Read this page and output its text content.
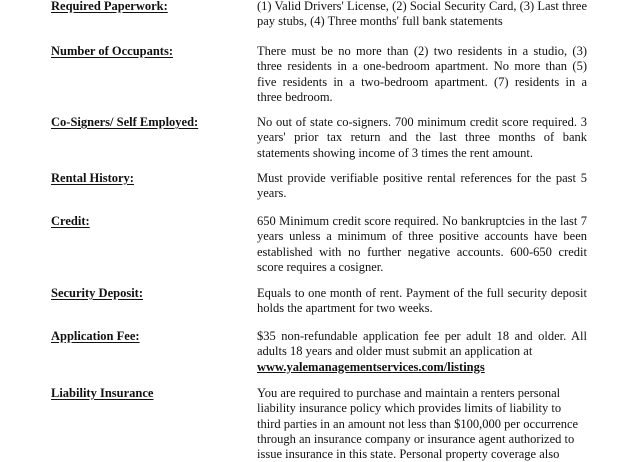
Required Paperwork:	(1) Valid Drivers' License, (2) Social Security Card, (3) Last three pay stubs, (4) Three months' full bank statements

Number of Occupants:	There must be no more than (2) two residents in a studio, (3) three residents in a one-bedroom apartment. No more than (5) five residents in a two-bedroom apartment. (7) residents in a three bedroom.

Co-Signers/ Self Employed:	No out of state co-signers. 700 minimum credit score required. 3 years' prior tax return and the last three months of bank statements showing income of 3 times the rent amount.

Rental History:	Must provide verifiable positive rental references for the past 5 years.

Credit:	650 Minimum credit score required. No bankruptcies in the last 7 years unless a minimum of three positive accounts have been established with no further negative accounts. 600-650 credit score requires a cosigner.

Security Deposit:	Equals to one month of rent. Payment of the full security deposit holds the apartment for two weeks.

Application Fee:	$35 non-refundable application fee per adult 18 and older. All adults 18 years and older must submit an application at
www.yalemanagementservices.com/listings

Liability Insurance	You are required to purchase and maintain a renters personal liability insurance policy which provides limits of liability to third parties in an amount not less than $100,000 per occurrence through an insurance company or insurance agent authorized to issue insurance in this state. Personal property coverage also
